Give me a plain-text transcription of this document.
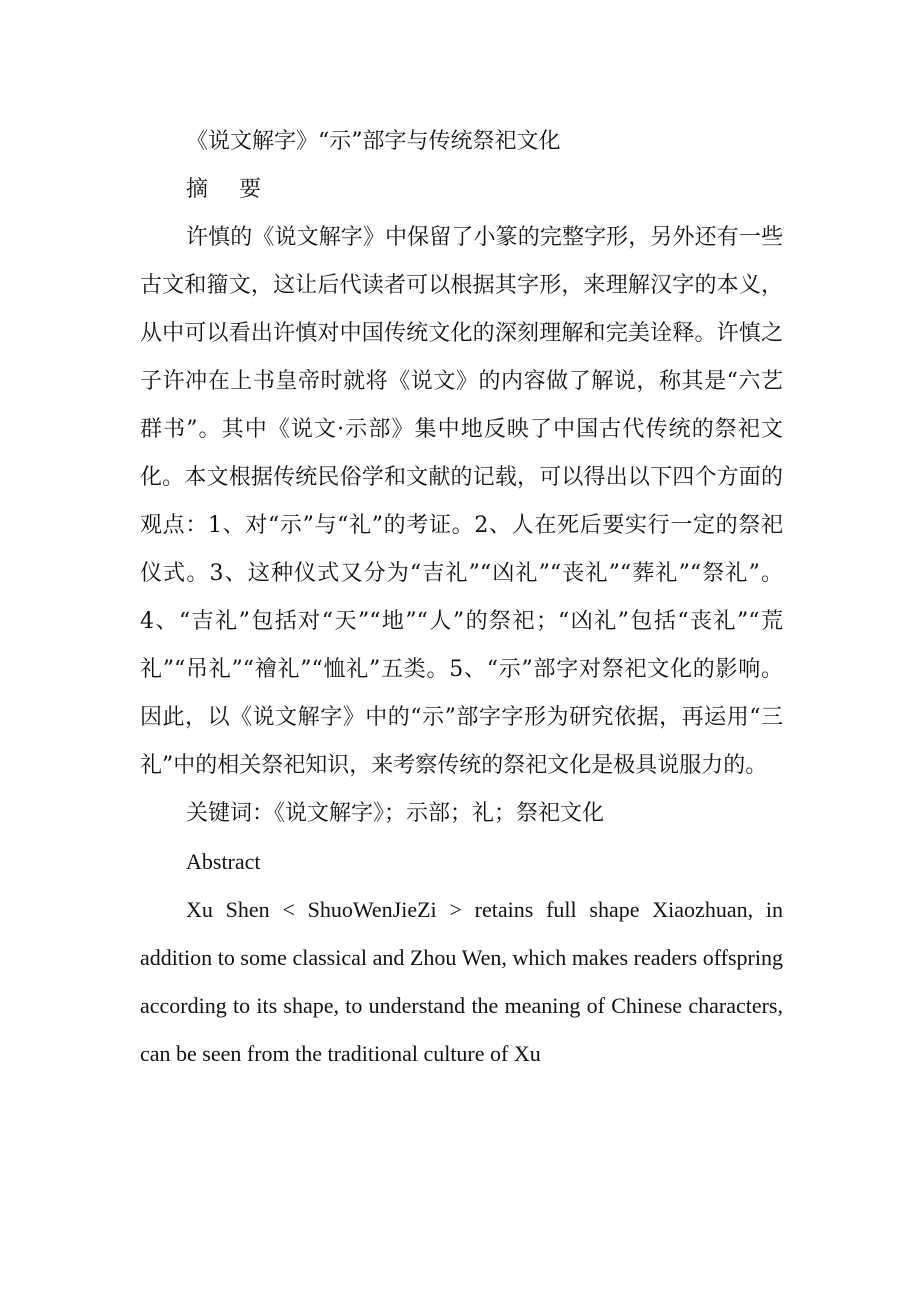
《说文解字》“示”部字与传统祭祀文化

摘 要

许慎的《说文解字》中保留了小篆的完整字形，另外还有一些古文和籀文，这让后代读者可以根据其字形，来理解汉字的本义，从中可以看出许慎对中国传统文化的深刻理解和完美诠释。许慎之子许冲在上书皇帝时就将《说文》的内容做了解说，称其是“六艺群书”。其中《说文·示部》集中地反映了中国古代传统的祭祀文化。本文根据传统民俗学和文献的记载，可以得出以下四个方面的观点：1、对“示”与“礼”的考证。2、人在死后要实行一定的祭祀仪式。3、这种仪式又分为“吉礼”“凶礼”“丧礼”“葬礼”“祭礼”。4、“吉礼”包括对“天”“地”“人”的祭祀；“凶礼”包括“丧礼”“荒礼”“吊礼”“禬礼”“恤礼”五类。5、“示”部字对祭祀文化的影响。因此，以《说文解字》中的“示”部字字形为研究依据，再运用“三礼”中的相关祭祀知识，来考察传统的祭祀文化是极具说服力的。

关键词：《说文解字》；示部；礼；祭祀文化

Abstract

Xu Shen < ShuoWenJieZi > retains full shape Xiaozhuan, in addition to some classical and Zhou Wen, which makes readers offspring according to its shape, to understand the meaning of Chinese characters, can be seen from the traditional culture of Xu
